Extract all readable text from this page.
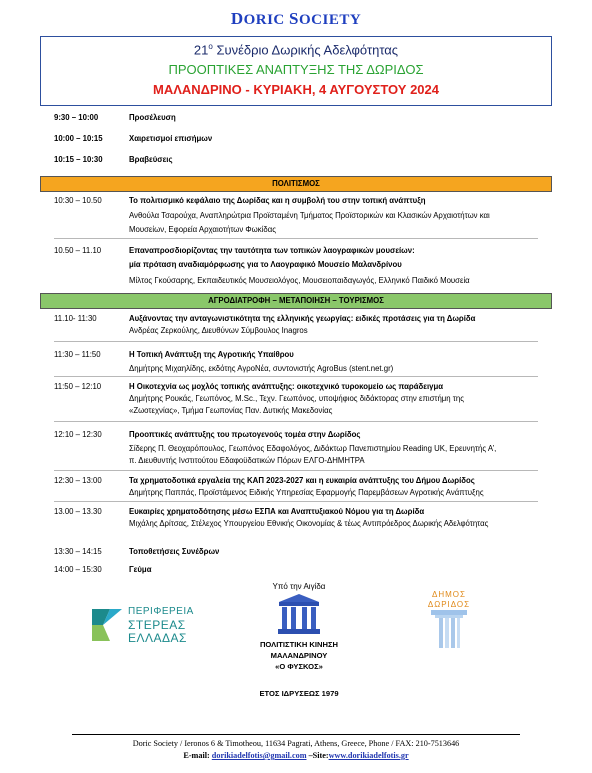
DORIC SOCIETY
$21^o$ Συνέδριο Δωρικής Αδελφότητας
ΠΡΟΟΠΤΙΚΕΣ ΑΝΑΠΤΥΞΗΣ ΤΗΣ ΔΩΡΙΔΟΣ
ΜΑΛΑΝΔΡΙΝΟ - ΚΥΡΙΑΚΗ, 4 ΑΥΓΟΥΣΤΟΥ 2024
9:30 – 10:00	Προσέλευση
10:00 – 10:15	Χαιρετισμοί επισήμων
10:15 – 10:30	Βραβεύσεις
ΠΟΛΙΤΙΣΜΟΣ
10:30 – 10.50	Το πολιτισμικό κεφάλαιο της Δωρίδας και η συμβολή του στην τοπική ανάπτυξη
Ανθούλα Τσαρούχα, Αναπληρώτρια Προϊσταμένη Τμήματος Προϊστορικών και Κλασικών Αρχαιοτήτων και
Μουσείων, Εφορεία Αρχαιοτήτων Φωκίδας
10.50 – 11.10	Επαναπροσδιορίζοντας την ταυτότητα των τοπικών λαογραφικών μουσείων:
μία πρόταση αναδιαμόρφωσης για το Λαογραφικό Μουσείο Μαλανδρίνου
Μίλτος Γκούσαρης, Εκπαιδευτικός Μουσειολόγος, Μουσειοπαιδαγωγός, Ελληνικό Παιδικό Μουσεία
ΑΓΡΟΔΙΑΤΡΟΦΗ – ΜΕΤΑΠΟΙΗΣΗ – ΤΟΥΡΙΣΜΟΣ
11.10- 11:30	Αυξάνοντας την ανταγωνιστικότητα της ελληνικής γεωργίας: ειδικές προτάσεις για τη Δωρίδα
Ανδρέας Ζερκούλης, Διευθύνων Σύμβουλος Inagros
11:30 – 11:50	Η Τοπική Ανάπτυξη της Αγροτικής Υπαίθρου
Δημήτρης Μιχαηλίδης, εκδότης ΑγροΝέα, συντονιστής AgroBus (stent.net.gr)
11:50 – 12:10	Η Οικοτεχνία ως μοχλός τοπικής ανάπτυξης: οικοτεχνικό τυροκομείο ως παράδειγμα
Δημήτρης Ρουκάς, Γεωπόνος, M.Sc., Τεχν. Γεωπόνος, υποψήφιος διδάκτορας στην επιστήμη της
«Ζωοτεχνίας», Τμήμα Γεωπονίας Παν. Δυτικής Μακεδονίας
12:10 – 12:30	Προοπτικές ανάπτυξης του πρωτογενούς τομέα στην Δωρίδος
Σίδερης Π. Θεοχαρόπουλος, Γεωπόνος Εδαφολόγος, Διδάκτωρ Πανεπιστημίου Reading UK, Ερευνητής Α’,
π. Διευθυντής Ινστιτούτου Εδαφοϋδατικών Πόρων ΕΛΓΟ-ΔΗΜΗΤΡΑ
12:30 – 13:00	Τα χρηματοδοτικά εργαλεία της ΚΑΠ 2023-2027 και η ευκαιρία ανάπτυξης του Δήμου Δωρίδος
Δημήτρης Παππάς, Προϊστάμενος Ειδικής Υπηρεσίας Εφαρμογής Παρεμβάσεων Αγροτικής Ανάπτυξης
13.00 – 13.30	Ευκαιρίες χρηματοδότησης μέσω ΕΣΠΑ και Αναπτυξιακού Νόμου για τη Δωρίδα
Μιχάλης Δρίτσας, Στέλεχος Υπουργείου Εθνικής Οικονομίας & τέως Αντιπρόεδρος Δωρικής Αδελφότητας
13:30 – 14:15	Τοποθετήσεις Συνέδρων
14:00 – 15:30	Γεύμα
Υπό την Αιγίδα
ΠΕΡΙΦΕΡΕΙΑ
ΣΤΕΡΕΑΣ
ΕΛΛΑΔΑΣ	ΠΟΛΙΤΙΣΤΙΚΗ ΚΙΝΗΣΗ
ΜΑΛΑΝΔΡΙΝΟΥ
«Ο ΦΥΣΚΟΣ»
ΕΤΟΣ ΙΔΡΥΣΕΩΣ 1979
ΔΗΜΟΣ
ΔΩΡΙΔΟΣ
Doric Society / Ieronos 6 & Timotheou, 11634 Pagrati, Athens, Greece, Phone / FAX: 210-7513646
E-mail: dorikiadelfotis@gmail.com –Site:www.dorikiadelfotis.gr
